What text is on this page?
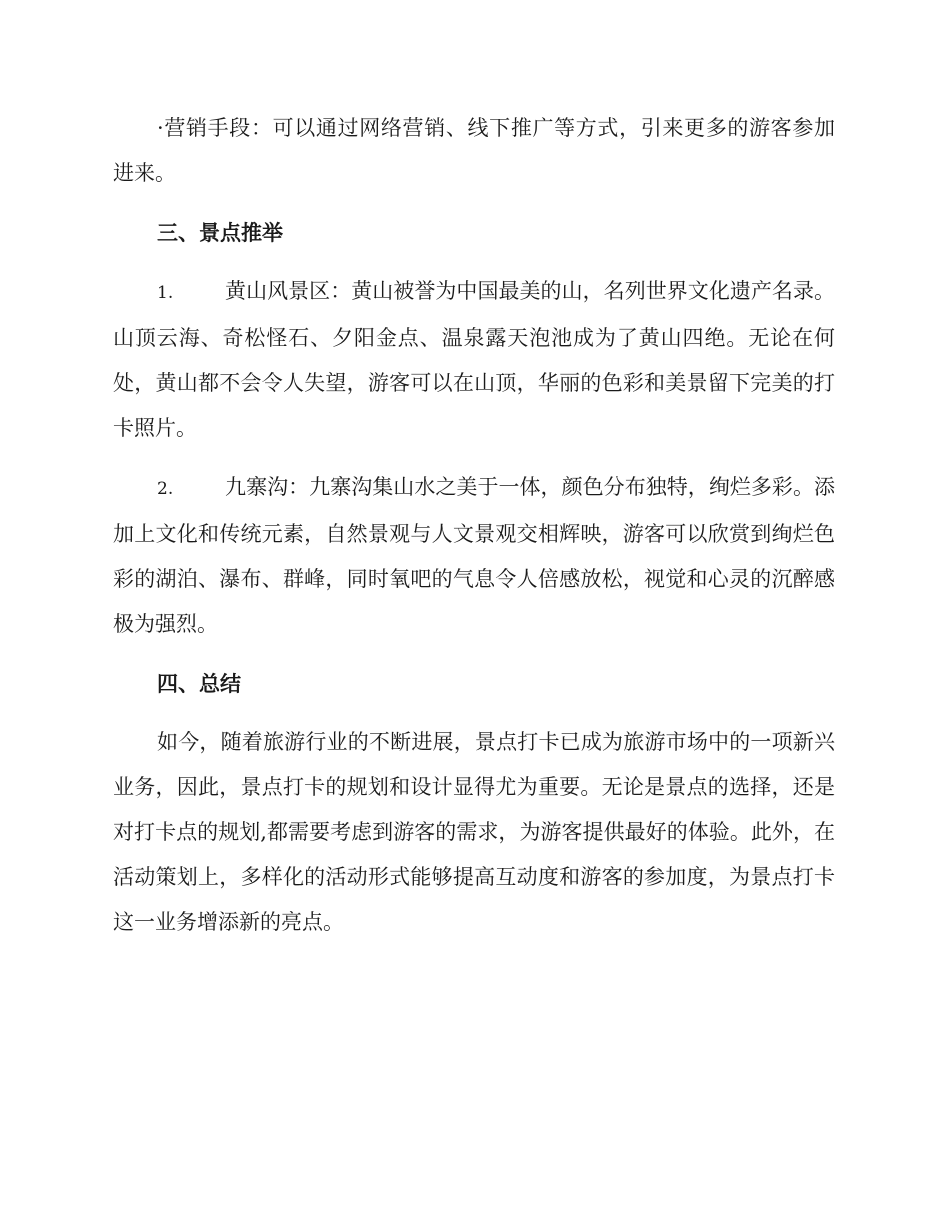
·营销手段：可以通过网络营销、线下推广等方式，引来更多的游客参加进来。

三、景点推举

1. 黄山风景区：黄山被誉为中国最美的山，名列世界文化遗产名录。山顶云海、奇松怪石、夕阳金点、温泉露天泡池成为了黄山四绝。无论在何处，黄山都不会令人失望，游客可以在山顶，华丽的色彩和美景留下完美的打卡照片。

2. 九寨沟：九寨沟集山水之美于一体，颜色分布独特，绚烂多彩。添加上文化和传统元素，自然景观与人文景观交相辉映，游客可以欣赏到绚烂色彩的湖泊、瀑布、群峰，同时氧吧的气息令人倍感放松，视觉和心灵的沉醉感极为强烈。

四、总结

如今，随着旅游行业的不断进展，景点打卡已成为旅游市场中的一项新兴业务，因此，景点打卡的规划和设计显得尤为重要。无论是景点的选择，还是对打卡点的规划,都需要考虑到游客的需求，为游客提供最好的体验。此外，在活动策划上，多样化的活动形式能够提高互动度和游客的参加度，为景点打卡这一业务增添新的亮点。
